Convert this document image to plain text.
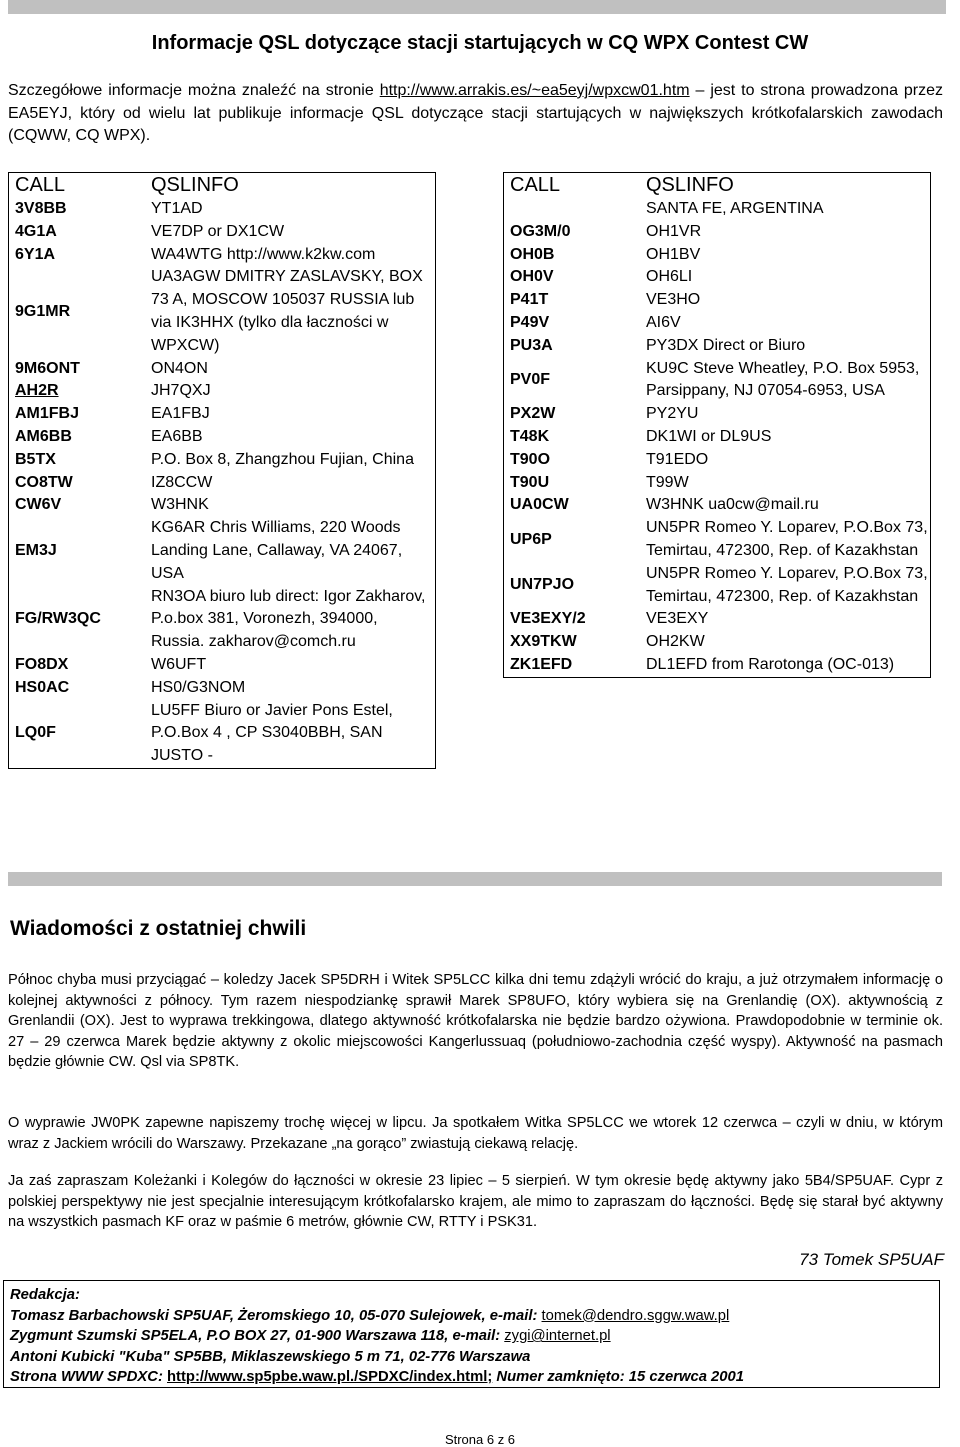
Informacje QSL dotyczące stacji startujących w CQ WPX Contest CW

Szczegółowe informacje można znaleźć na stronie http://www.arrakis.es/~ea5eyj/wpxcw01.htm – jest to strona prowadzona przez EA5EYJ, który od wielu lat publikuje informacje QSL dotyczące stacji startujących w największych krótkofalarskich zawodach (CQWW, CQ WPX).

CALL	QSLINFO
3V8BB	YT1AD
4G1A	VE7DP or DX1CW
6Y1A	WA4WTG http://www.k2kw.com
9G1MR	UA3AGW DMITRY ZASLAVSKY, BOX 73 A, MOSCOW 105037 RUSSIA lub via IK3HHX (tylko dla łaczności w WPXCW)
9M6ONT	ON4ON
AH2R	JH7QXJ
AM1FBJ	EA1FBJ
AM6BB	EA6BB
B5TX	P.O. Box 8, Zhangzhou Fujian, China
CO8TW	IZ8CCW
CW6V	W3HNK
EM3J	KG6AR Chris Williams, 220 Woods Landing Lane, Callaway, VA 24067, USA
FG/RW3QC	RN3OA biuro lub direct: Igor Zakharov, P.o.box 381, Voronezh, 394000, Russia. zakharov@comch.ru
FO8DX	W6UFT
HS0AC	HS0/G3NOM
LQ0F	LU5FF Biuro or Javier Pons Estel, P.O.Box 4 , CP S3040BBH, SAN JUSTO -
CALL	QSLINFO
	SANTA FE, ARGENTINA
OG3M/0	OH1VR
OH0B	OH1BV
OH0V	OH6LI
P41T	VE3HO
P49V	AI6V
PU3A	PY3DX Direct or Biuro
PV0F	KU9C Steve Wheatley, P.O. Box 5953, Parsippany, NJ 07054-6953, USA
PX2W	PY2YU
T48K	DK1WI or DL9US
T90O	T91EDO
T90U	T99W
UA0CW	W3HNK ua0cw@mail.ru
UP6P	UN5PR Romeo Y. Loparev, P.O.Box 73, Temirtau, 472300, Rep. of Kazakhstan
UN7PJO	UN5PR Romeo Y. Loparev, P.O.Box 73, Temirtau, 472300, Rep. of Kazakhstan
VE3EXY/2	VE3EXY
XX9TKW	OH2KW
ZK1EFD	DL1EFD from Rarotonga (OC-013)
Wiadomości z ostatniej chwili

Północ chyba musi przyciągać – koledzy Jacek SP5DRH i Witek SP5LCC kilka dni temu zdążyli wrócić do kraju, a już otrzymałem informację o kolejnej aktywności z północy. Tym razem niespodziankę sprawił Marek SP8UFO, który wybiera się na Grenlandię (OX). aktywnością z Grenlandii (OX). Jest to wyprawa trekkingowa, dlatego aktywność krótkofalarska nie będzie bardzo ożywiona. Prawdopodobnie w terminie ok. 27 – 29 czerwca Marek będzie aktywny z okolic miejscowości Kangerlussuaq (południowo-zachodnia część wyspy). Aktywność na pasmach będzie głównie CW. Qsl via SP8TK.

O wyprawie JW0PK zapewne napiszemy trochę więcej w lipcu. Ja spotkałem Witka SP5LCC we wtorek 12 czerwca – czyli w dniu, w którym wraz z Jackiem wrócili do Warszawy. Przekazane „na gorąco” zwiastują ciekawą relację.

Ja zaś zapraszam Koleżanki i Kolegów do łączności w okresie 23 lipiec – 5 sierpień. W tym okresie będę aktywny jako 5B4/SP5UAF. Cypr z polskiej perspektywy nie jest specjalnie interesującym krótkofalarsko krajem, ale mimo to zapraszam do łączności. Będę się starał być aktywny na wszystkich pasmach KF oraz w paśmie 6 metrów, głównie CW, RTTY i PSK31.

73 Tomek SP5UAF
Redakcja:
Tomasz Barbachowski SP5UAF, Żeromskiego 10, 05-070 Sulejowek, e-mail: tomek@dendro.sggw.waw.pl
Zygmunt Szumski SP5ELA, P.O BOX 27, 01-900 Warszawa 118, e-mail: zygi@internet.pl
Antoni Kubicki "Kuba" SP5BB, Miklaszewskiego 5 m 71, 02-776 Warszawa
Strona WWW SPDXC: http://www.sp5pbe.waw.pl./SPDXC/index.html; Numer zamknięto: 15 czerwca 2001
Strona 6 z 6
